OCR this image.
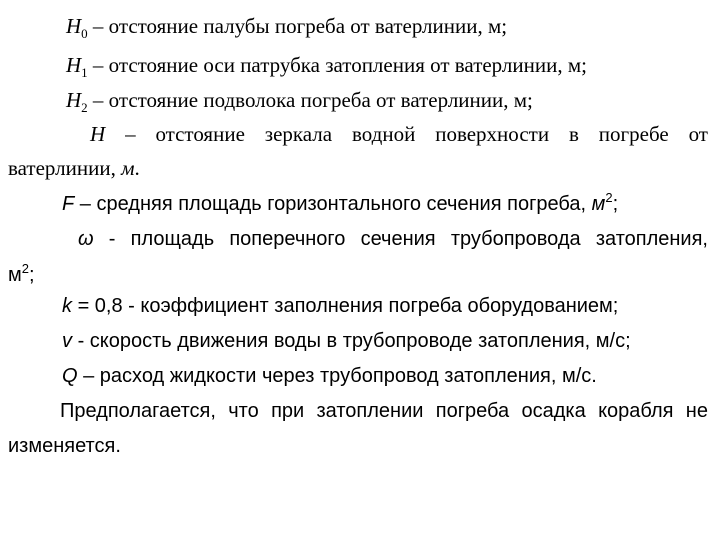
$H_0$ – отстояние палубы погреба от ватерлинии, м;
$H_1$ – отстояние оси патрубка затопления от ватерлинии, м;
$H_2$ – отстояние подволока погреба от ватерлинии, м;
H – отстояние зеркала водной поверхности в погребе от
ватерлинии, м.
F – средняя площадь горизонтального сечения погреба, $м^2$;
ω - площадь поперечного сечения трубопровода затопления,
$м^2$;
k = 0,8 - коэффициент заполнения погреба оборудованием;
v - скорость движения воды в трубопроводе затопления, м/с;
Q – расход жидкости через трубопровод затопления, м/с.
Предполагается, что при затоплении погреба осадка корабля не
изменяется.
